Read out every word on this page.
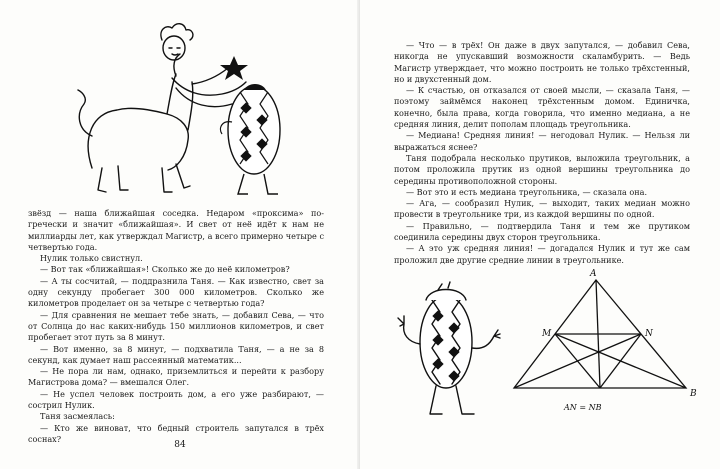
звёзд — наша ближайшая соседка. Недаром «проксима» по-гречески и значит «ближайшая». И свет от неё идёт к нам не миллиарды лет, как утверждал Магистр, а всего примерно четыре с четвертью года.

Нулик только свистнул.

— Вот так «ближайшая»! Сколько же до неё километров?

— А ты сосчитай, — поддразнила Таня. — Как известно, свет за одну секунду пробегает 300 000 километров. Сколько же километров проделает он за четыре с четвертью года?

— Для сравнения не мешает тебе знать, — добавил Сева, — что от Солнца до нас каких-нибудь 150 миллионов километров, и свет пробегает этот путь за 8 минут.

— Вот именно, за 8 минут, — подхватила Таня, — а не за 8 секунд, как думает наш рассеянный математик...

— Не пора ли нам, однако, приземлиться и перейти к разбору Магистрова дома? — вмешался Олег.

— Не успел человек построить дом, а его уже разбирают, — сострил Нулик.

Таня засмеялась:

— Кто же виноват, что бедный строитель запутался в трёх соснах?

84

— Что — в трёх! Он даже в двух запутался, — добавил Сева, никогда не упускавший возможности скаламбурить. — Ведь Магистр утверждает, что можно построить не только трёхстенный, но и двухстенный дом.

— К счастью, он отказался от своей мысли, — сказала Таня, — поэтому займёмся наконец трёхстенным домом. Единичка, конечно, была права, когда говорила, что именно медиана, а не средняя линия, делит пополам площадь треугольника.

— Медиана! Средняя линия! — негодовал Нулик. — Нельзя ли выражаться яснее?

Таня подобрала несколько прутиков, выложила треугольник, а потом проложила прутик из одной вершины треугольника до середины противоположной стороны.

— Вот это и есть медиана треугольника, — сказала она.

— Ага, — сообразил Нулик, — выходит, таких медиан можно провести в треугольнике три, из каждой вершины по одной.

— Правильно, — подтвердила Таня и тем же прутиком соединила середины двух сторон треугольника.

— А это уж средняя линия! — догадался Нулик и тут же сам проложил две другие средние линии в треугольнике.

A
M	N
B
AN = NB
